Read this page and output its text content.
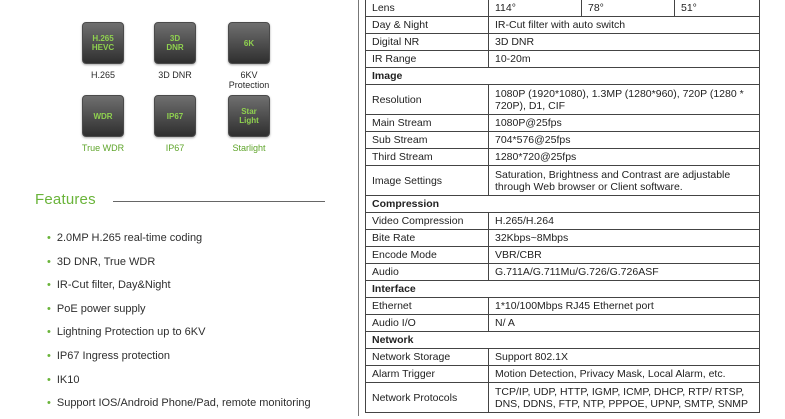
H.265
HEVC
H.265
3D
DNR
3D DNR
6K
6KV Protection
WDR
True WDR
IP67
IP67
Star
Light
Starlight
Features
• 2.0MP H.265 real-time coding
• 3D DNR, True WDR
• IR-Cut filter, Day&Night
• PoE power supply
• Lightning Protection up to 6KV
• IP67 Ingress protection
• IK10
• Support IOS/Android Phone/Pad, remote monitoring
Lens	114°	78°	51°
Day & Night	IR-Cut filter with auto switch		
Digital NR	3D DNR		
IR Range	10-20m		
Image			
Resolution	1080P (1920*1080), 1.3MP (1280*960), 720P (1280 * 720P), D1, CIF		
Main Stream	1080P@25fps		
Sub Stream	704*576@25fps		
Third Stream	1280*720@25fps		
Image Settings	Saturation, Brightness and Contrast are adjustable through Web browser or Client software.		
Compression			
Video Compression	H.265/H.264		
Bite Rate	32Kbps~8Mbps		
Encode Mode	VBR/CBR		
Audio	G.711A/G.711Mu/G.726/G.726ASF		
Interface			
Ethernet	1*10/100Mbps RJ45 Ethernet port		
Audio I/O	N/ A		
Network			
Network Storage	Support 802.1X		
Alarm Trigger	Motion Detection, Privacy Mask, Local Alarm, etc.		
Network Protocols	TCP/IP, UDP, HTTP, IGMP, ICMP, DHCP, RTP/ RTSP, DNS, DDNS, FTP, NTP, PPPOE, UPNP, SMTP, SNMP		
